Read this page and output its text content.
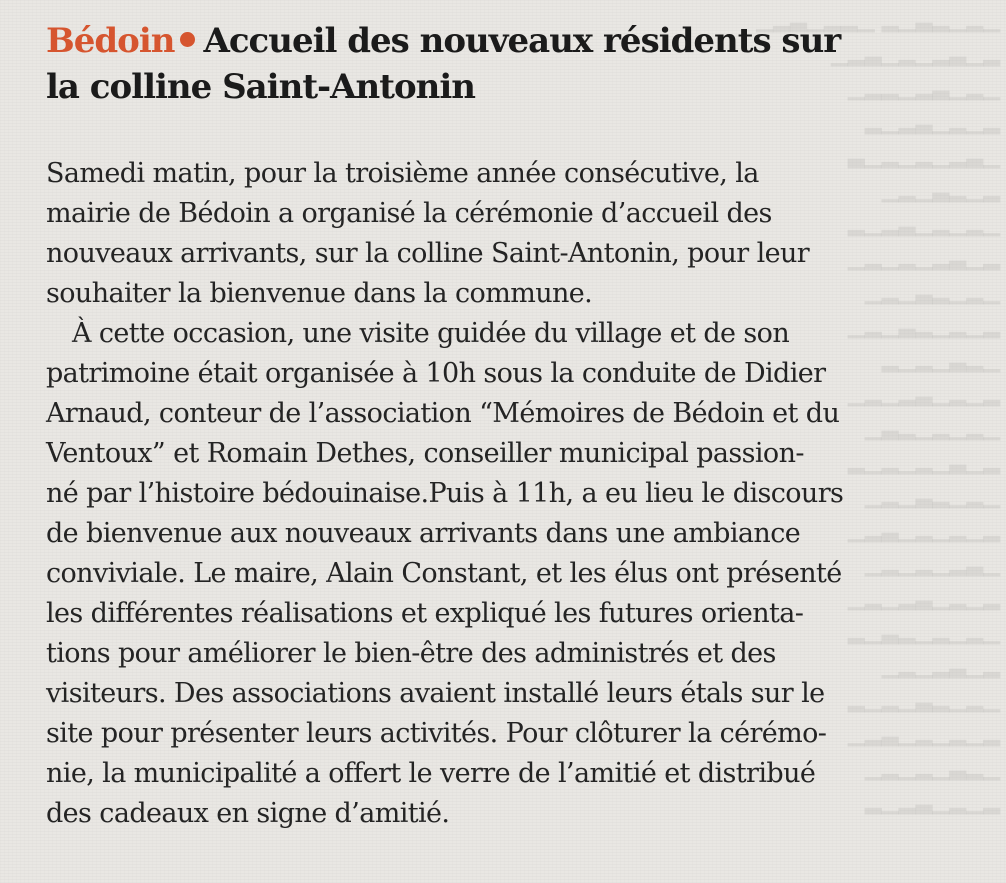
▁▂▁▂▃▁▂ ▁▂▂▁▃▂▁
▂▁▃▂▁▂▁▃▂▁
▁▂▁▃▂▁▂▂▁
▂▁▂▁▃▂▁▂
▁▃▂▁▂▁▂▁▃
▂▁▂▃▁▂▁
▁▂▁▂▁▃▂▁▂
▂▁▃▂▁▂▁▂▁
▁▂▁▂▃▁▂▁
▂▁▂▁▂▃▁▂▁
▁▂▃▁▂▁▂
▂▁▂▁▃▂▁▂▁
▁▂▁▂▁▂▃▁
▂▁▃▁▂▁▂▁▂
▁▂▁▂▃▁▂▁
▂▁▂▁▂▁▃▂▁
▁▃▂▁▂▁▂▁
▂▁▂▁▃▂▁▂▁
▁▂▁▂▁▂▃▁▂
▂▁▃▂▁▂▁
▁▂▁▂▃▁▂▁▂
▂▁▂▁▂▁▃▂▁
▁▂▃▁▂▁▂▁
▂▁▂▁▃▂▁▂
Bédoin Accueil des nouveaux résidents sur
la colline Saint-Antonin
Samedi matin, pour la troisième année consécutive, la
mairie de Bédoin a organisé la cérémonie d’accueil des
nouveaux arrivants, sur la colline Saint-Antonin, pour leur
souhaiter la bienvenue dans la commune.
À cette occasion, une visite guidée du village et de son
patrimoine était organisée à 10h sous la conduite de Didier
Arnaud, conteur de l’association “Mémoires de Bédoin et du
Ventoux” et Romain Dethes, conseiller municipal passion-
né par l’histoire bédouinaise.Puis à 11h, a eu lieu le discours
de bienvenue aux nouveaux arrivants dans une ambiance
conviviale. Le maire, Alain Constant, et les élus ont présenté
les différentes réalisations et expliqué les futures orienta-
tions pour améliorer le bien-être des administrés et des
visiteurs. Des associations avaient installé leurs étals sur le
site pour présenter leurs activités. Pour clôturer la cérémo-
nie, la municipalité a offert le verre de l’amitié et distribué
des cadeaux en signe d’amitié.
